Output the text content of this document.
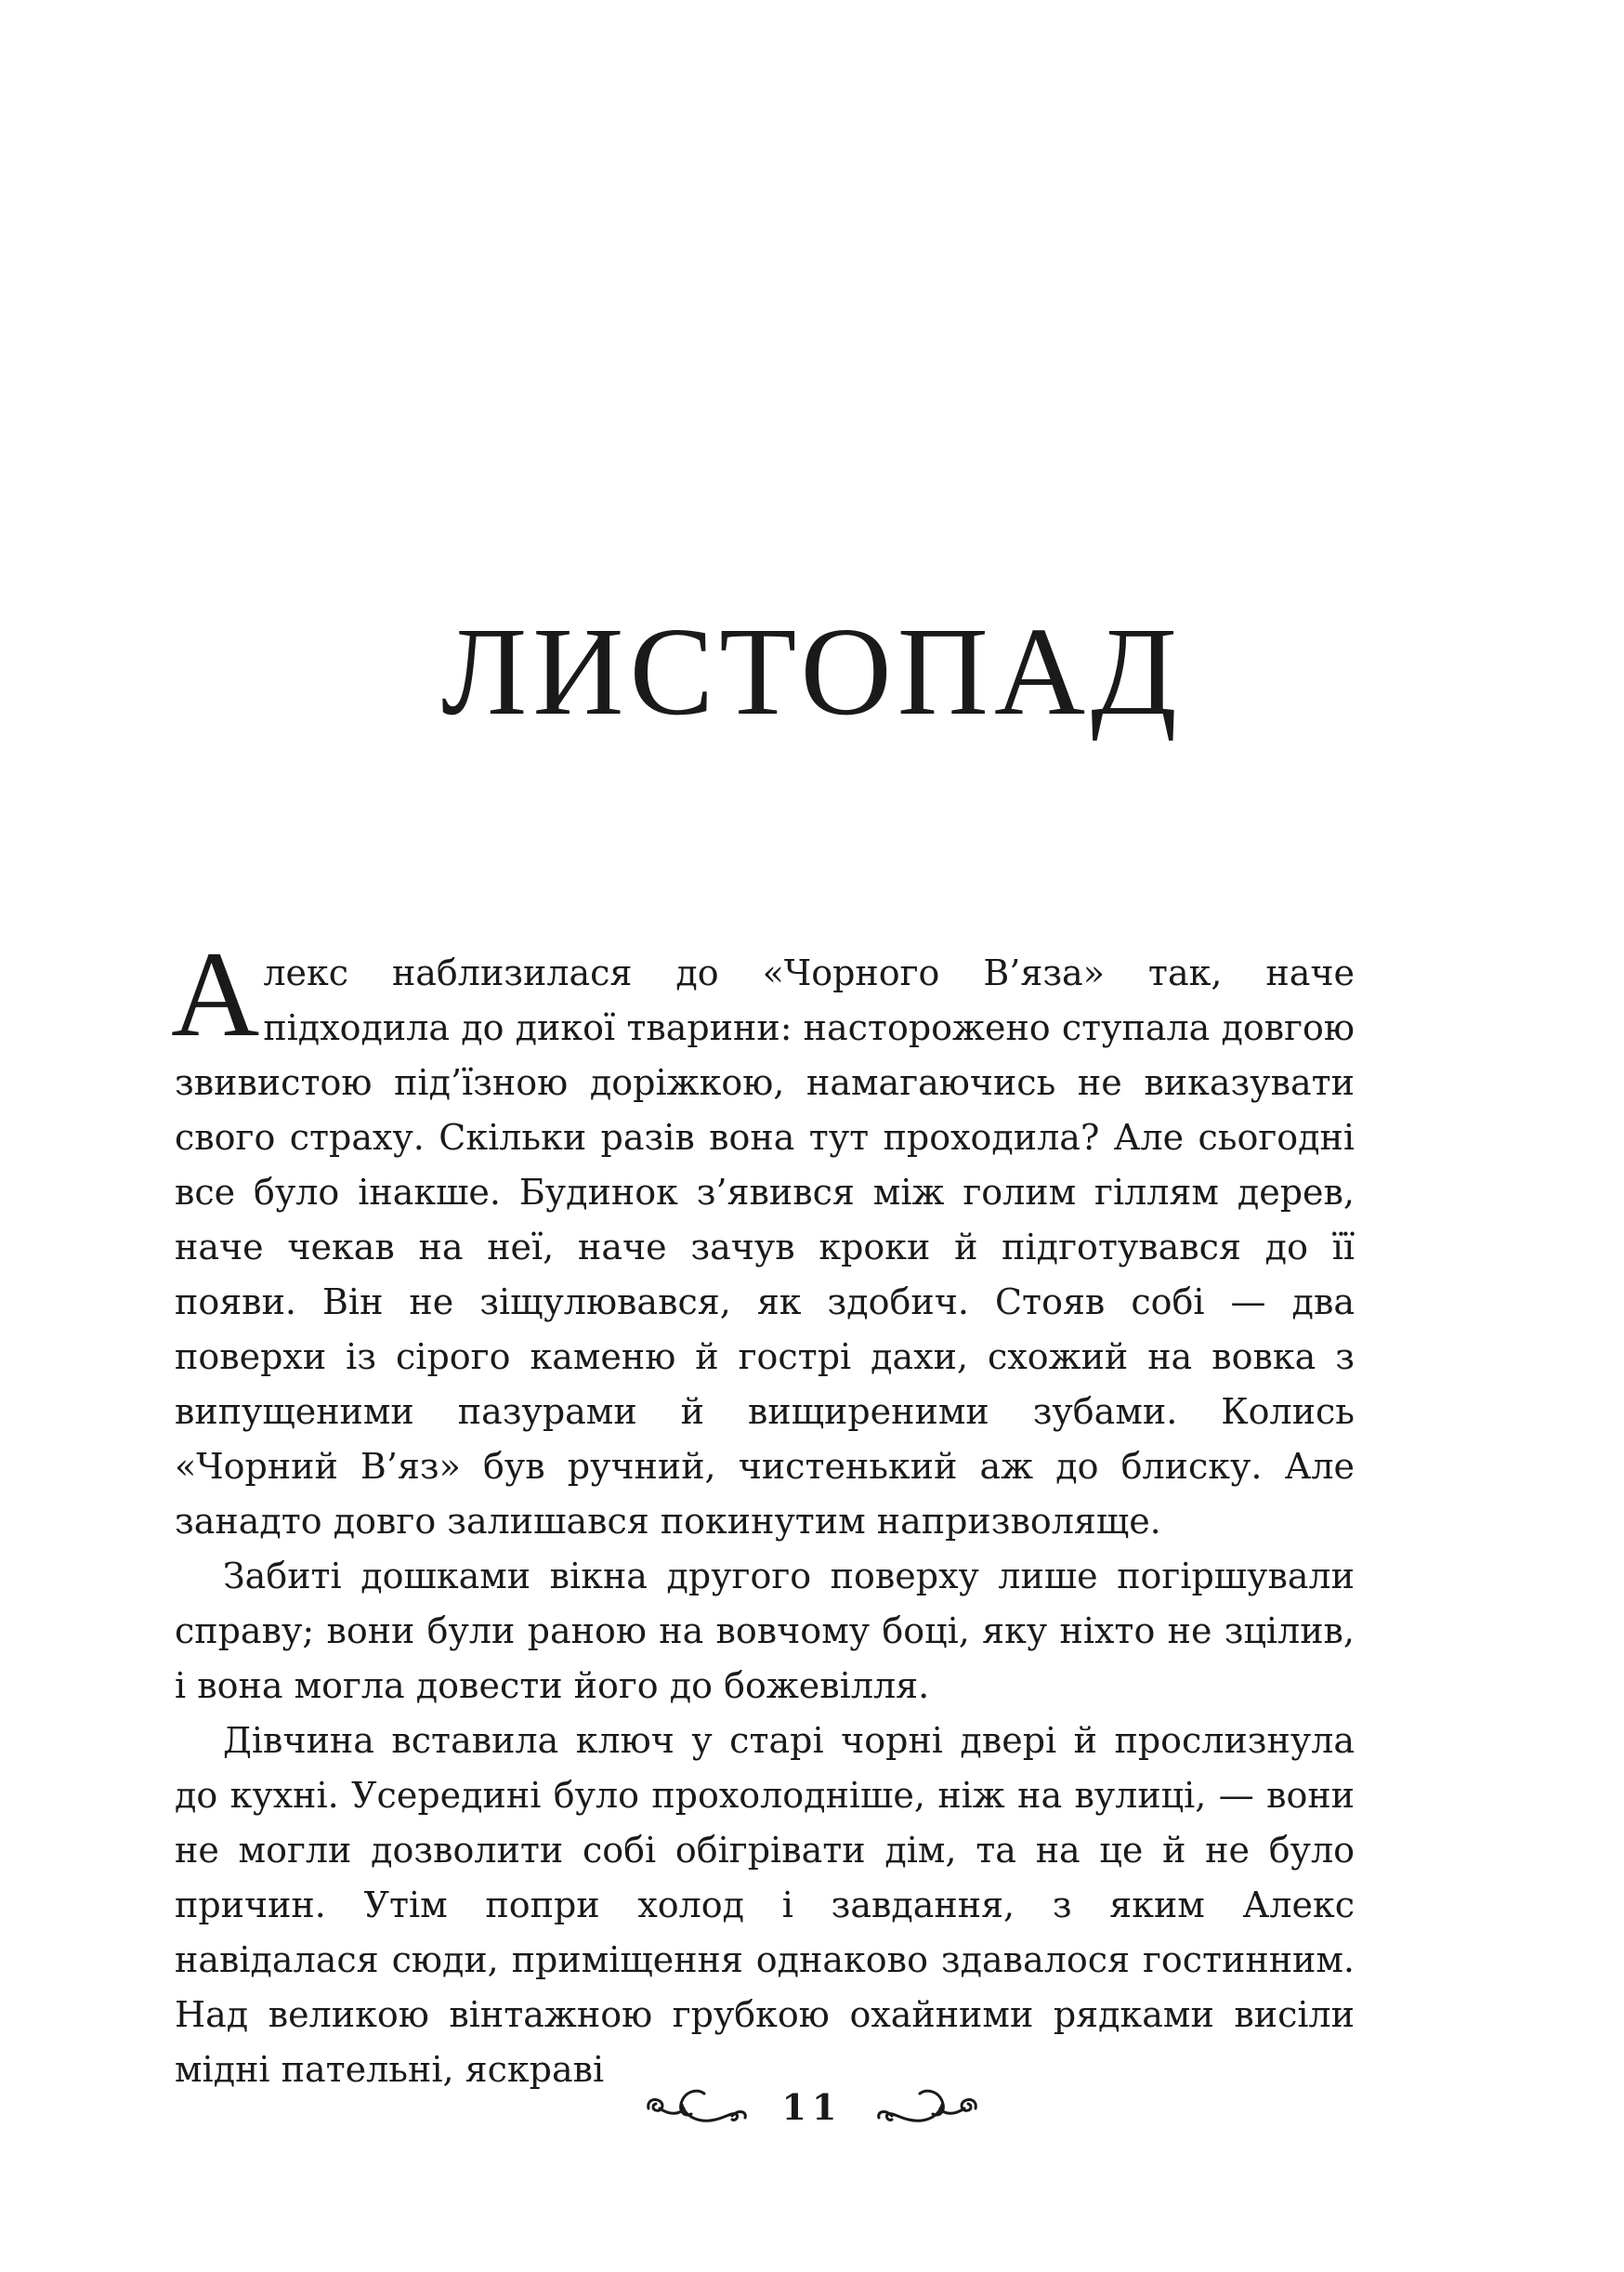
ЛИСТОПАД

Алекс наблизилася до «Чорного В’яза» так, наче підходила до дикої тварини: насторожено ступала довгою звивистою під’їзною доріжкою, намагаючись не виказувати свого страху. Скільки разів вона тут проходила? Але сьогодні все було інакше. Будинок з’явився між голим гіллям дерев, наче чекав на неї, наче зачув кроки й підготувався до її появи. Він не зіщулювався, як здобич. Стояв собі — два поверхи із сірого каменю й гострі дахи, схожий на вовка з випущеними пазурами й вищиреними зубами. Колись «Чорний В’яз» був ручний, чистенький аж до блиску. Але занадто довго залишався покинутим напризволяще.

Забиті дошками вікна другого поверху лише погіршували справу; вони були раною на вовчому боці, яку ніхто не зцілив, і вона могла довести його до божевілля.

Дівчина вставила ключ у старі чорні двері й прослизнула до кухні. Усередині було прохолодніше, ніж на вулиці, — вони не могли дозволити собі обігрівати дім, та на це й не було причин. Утім попри холод і завдання, з яким Алекс навідалася сюди, приміщення однаково здавалося гостинним. Над великою вінтажною грубкою охайними рядками висіли мідні пательні, яскраві

11
